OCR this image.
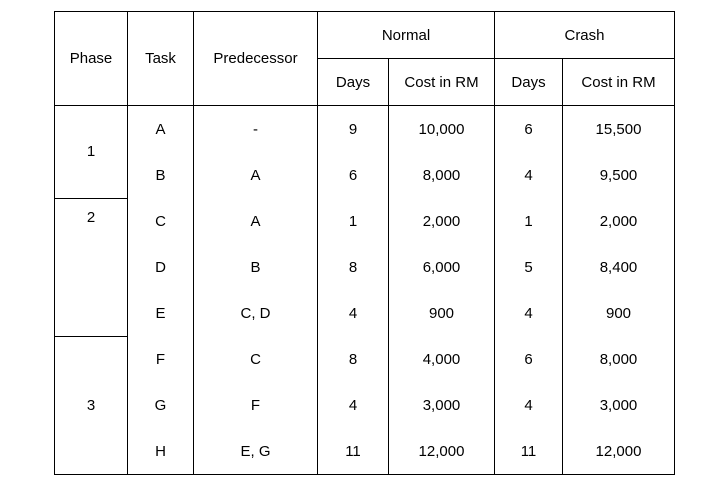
Phase	Task	Predecessor	Normal		Crash	
			Days	Cost in RM	Days	Cost in RM
1	A	-	9	10,000	6	15,500
	B	A	6	8,000	4	9,500
2	C	A	1	2,000	1	2,000
	D	B	8	6,000	5	8,400
	E	C, D	4	900	4	900
3	F	C	8	4,000	6	8,000
	G	F	4	3,000	4	3,000
	H	E, G	11	12,000	11	12,000
